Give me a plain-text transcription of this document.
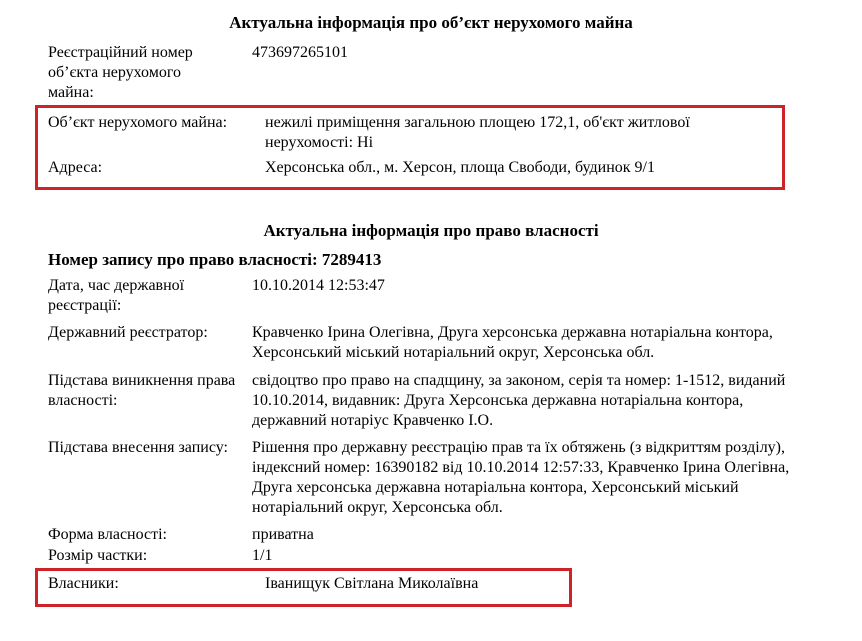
Актуальна інформація про об’єкт нерухомого майна
Реєстраційний номер об’єкта нерухомого майна:
473697265101
Об’єкт нерухомого майна:	нежилі приміщення загальною площею 172,1, об'єкт житлової нерухомості: Ні
Адреса:	Херсонська обл., м. Херсон, площа Свободи, будинок 9/1
Актуальна інформація про право власності
Номер запису про право власності: 7289413
Дата, час державної реєстрації:
10.10.2014 12:53:47
Державний реєстратор:	Кравченко Ірина Олегівна, Друга херсонська державна нотаріальна контора, Херсонський міський нотаріальний округ, Херсонська обл.
Підстава виникнення права власності:
свідоцтво про право на спадщину, за законом, серія та номер: 1-1512, виданий 10.10.2014, видавник: Друга Херсонська державна нотаріальна контора, державний нотаріус Кравченко І.О.
Підстава внесення запису:	Рішення про державну реєстрацію прав та їх обтяжень (з відкриттям розділу), індексний номер: 16390182 від 10.10.2014 12:57:33, Кравченко Ірина Олегівна, Друга херсонська державна нотаріальна контора, Херсонський міський нотаріальний округ, Херсонська обл.
Форма власності:	приватна
Розмір частки:	1/1
Власники:	Іванищук Світлана Миколаївна
